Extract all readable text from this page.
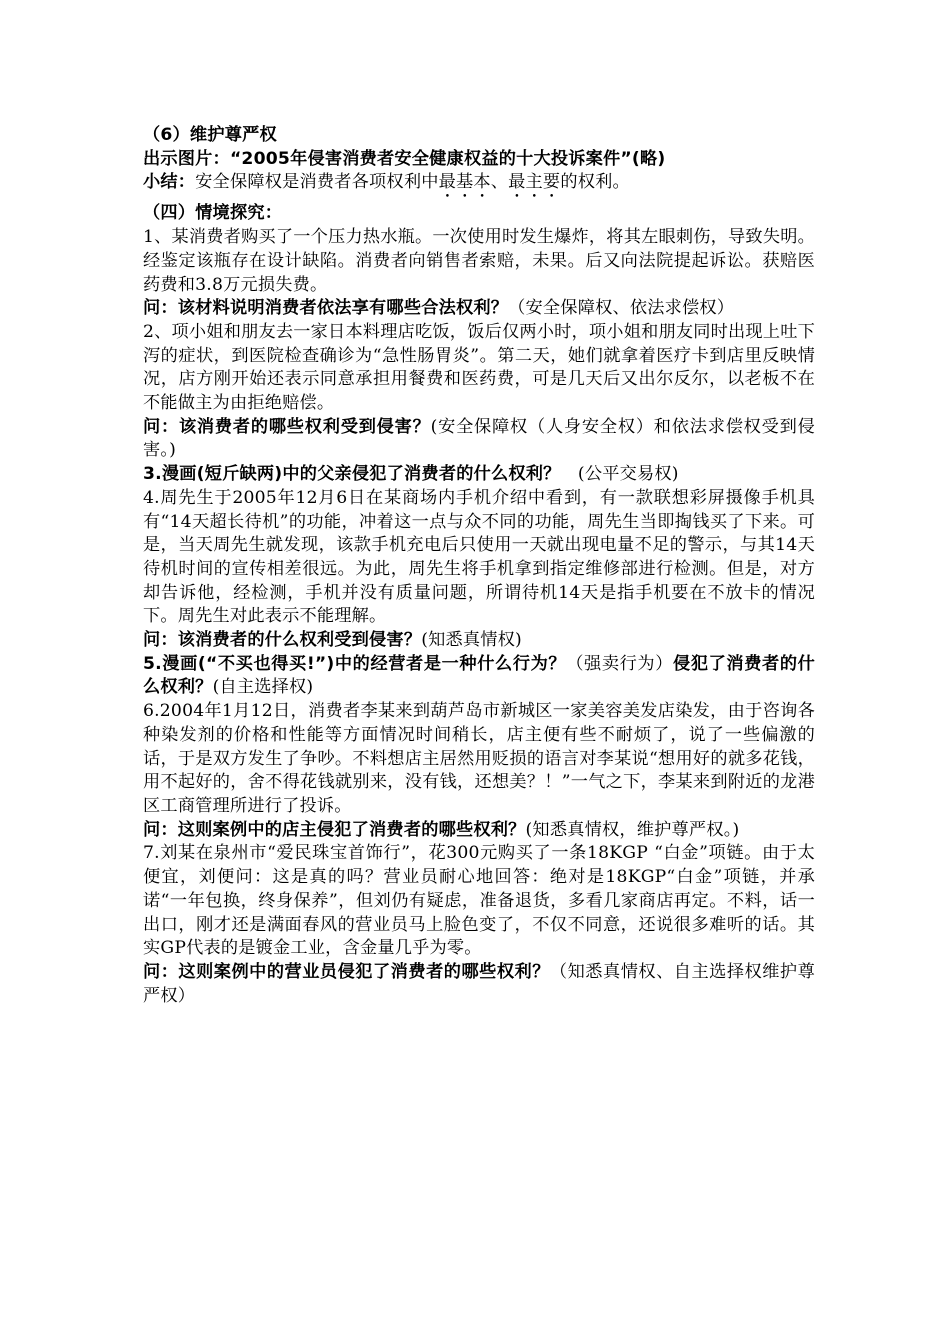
（6）维护尊严权

出示图片：“2005年侵害消费者安全健康权益的十大投诉案件”(略)

小结：安全保障权是消费者各项权利中最基本、最主要的权利。

（四）情境探究：

1、某消费者购买了一个压力热水瓶。一次使用时发生爆炸，将其左眼刺伤，导致失明。经鉴定该瓶存在设计缺陷。消费者向销售者索赔，未果。后又向法院提起诉讼。获赔医药费和3.8万元损失费。

问：该材料说明消费者依法享有哪些合法权利？（安全保障权、依法求偿权）

2、项小姐和朋友去一家日本料理店吃饭，饭后仅两小时，项小姐和朋友同时出现上吐下泻的症状，到医院检查确诊为“急性肠胃炎”。第二天，她们就拿着医疗卡到店里反映情况，店方刚开始还表示同意承担用餐费和医药费，可是几天后又出尔反尔，以老板不在不能做主为由拒绝赔偿。

问：该消费者的哪些权利受到侵害？(安全保障权（人身安全权）和依法求偿权受到侵害。)

3.漫画(短斤缺两)中的父亲侵犯了消费者的什么权利？　(公平交易权)

4.周先生于2005年12月6日在某商场内手机介绍中看到，有一款联想彩屏摄像手机具有“14天超长待机”的功能，冲着这一点与众不同的功能，周先生当即掏钱买了下来。可是，当天周先生就发现，该款手机充电后只使用一天就出现电量不足的警示，与其14天待机时间的宣传相差很远。为此，周先生将手机拿到指定维修部进行检测。但是，对方却告诉他，经检测，手机并没有质量问题，所谓待机14天是指手机要在不放卡的情况下。周先生对此表示不能理解。

问：该消费者的什么权利受到侵害？(知悉真情权)

5.漫画(“不买也得买!”)中的经营者是一种什么行为？（强卖行为）侵犯了消费者的什么权利？(自主选择权)

6.2004年1月12日，消费者李某来到葫芦岛市新城区一家美容美发店染发，由于咨询各种染发剂的价格和性能等方面情况时间稍长，店主便有些不耐烦了，说了一些偏激的话，于是双方发生了争吵。不料想店主居然用贬损的语言对李某说“想用好的就多花钱，用不起好的，舍不得花钱就别来，没有钱，还想美？！”一气之下，李某来到附近的龙港区工商管理所进行了投诉。

问：这则案例中的店主侵犯了消费者的哪些权利？(知悉真情权，维护尊严权。)

7.刘某在泉州市“爱民珠宝首饰行”，花300元购买了一条18KGP “白金”项链。由于太便宜，刘便问：这是真的吗？营业员耐心地回答：绝对是18KGP“白金”项链，并承诺“一年包换，终身保养”，但刘仍有疑虑，准备退货，多看几家商店再定。不料，话一出口，刚才还是满面春风的营业员马上脸色变了，不仅不同意，还说很多难听的话。其实GP代表的是镀金工业，含金量几乎为零。

问：这则案例中的营业员侵犯了消费者的哪些权利？（知悉真情权、自主选择权维护尊严权）
